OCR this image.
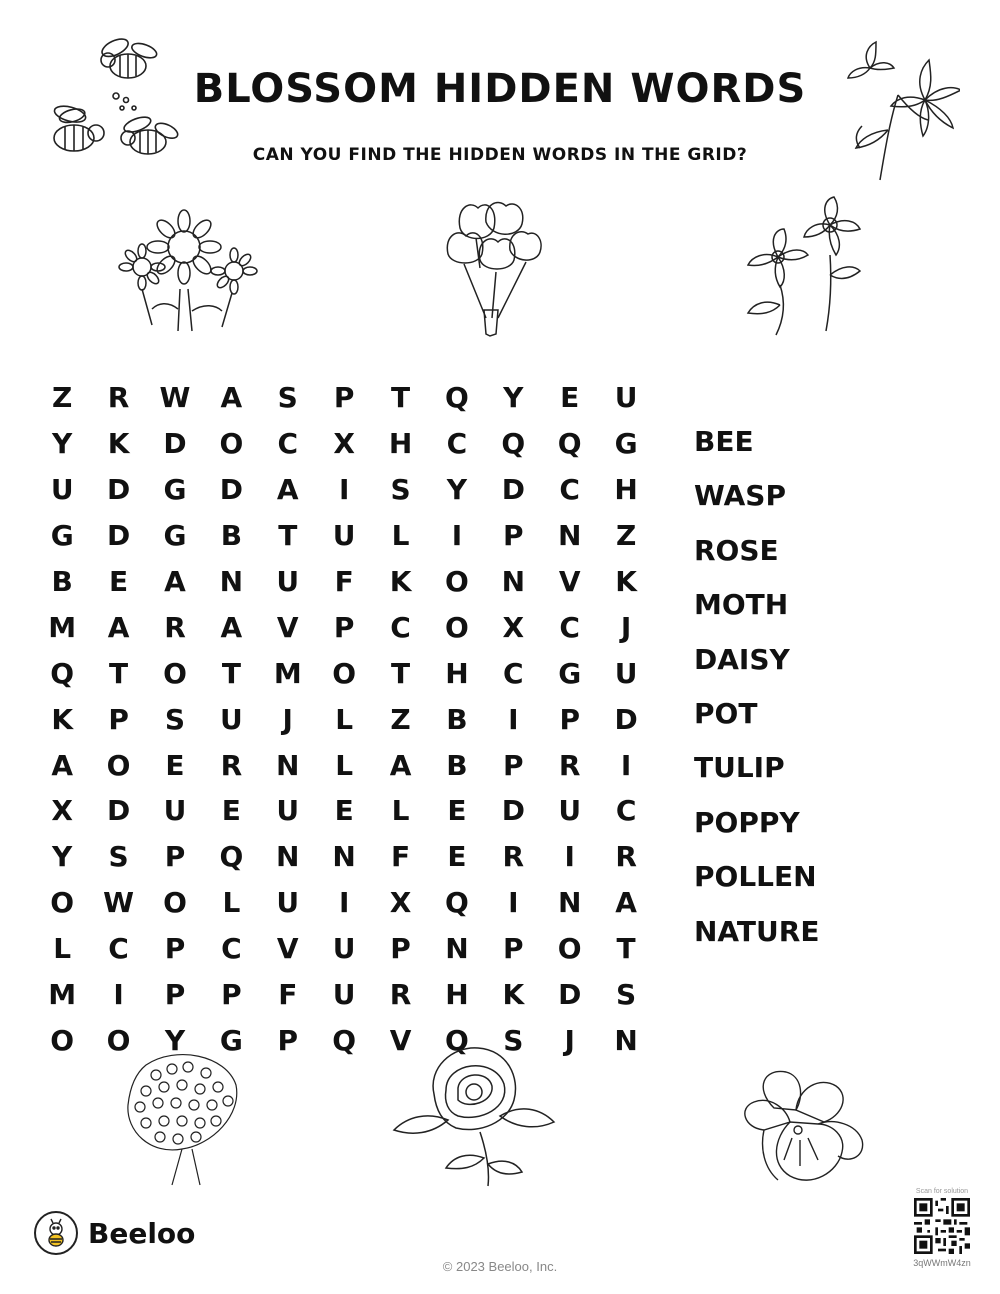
BLOSSOM HIDDEN WORDS
CAN YOU FIND THE HIDDEN WORDS IN THE GRID?
Z	R	W	A	S	P	T	Q	Y	E	U
Y	K	D	O	C	X	H	C	Q	Q	G
U	D	G	D	A	I	S	Y	D	C	H
G	D	G	B	T	U	L	I	P	N	Z
B	E	A	N	U	F	K	O	N	V	K
M	A	R	A	V	P	C	O	X	C	J
Q	T	O	T	M	O	T	H	C	G	U
K	P	S	U	J	L	Z	B	I	P	D
A	O	E	R	N	L	A	B	P	R	I
X	D	U	E	U	E	L	E	D	U	C
Y	S	P	Q	N	N	F	E	R	I	R
O	W	O	L	U	I	X	Q	I	N	A
L	C	P	C	V	U	P	N	P	O	T
M	I	P	P	F	U	R	H	K	D	S
O	O	Y	G	P	Q	V	Q	S	J	N
BEE
WASP
ROSE
MOTH
DAISY
POT
TULIP
POPPY
POLLEN
NATURE
Beeloo
© 2023 Beeloo, Inc.
Scan for solution
3qWWmW4zn
